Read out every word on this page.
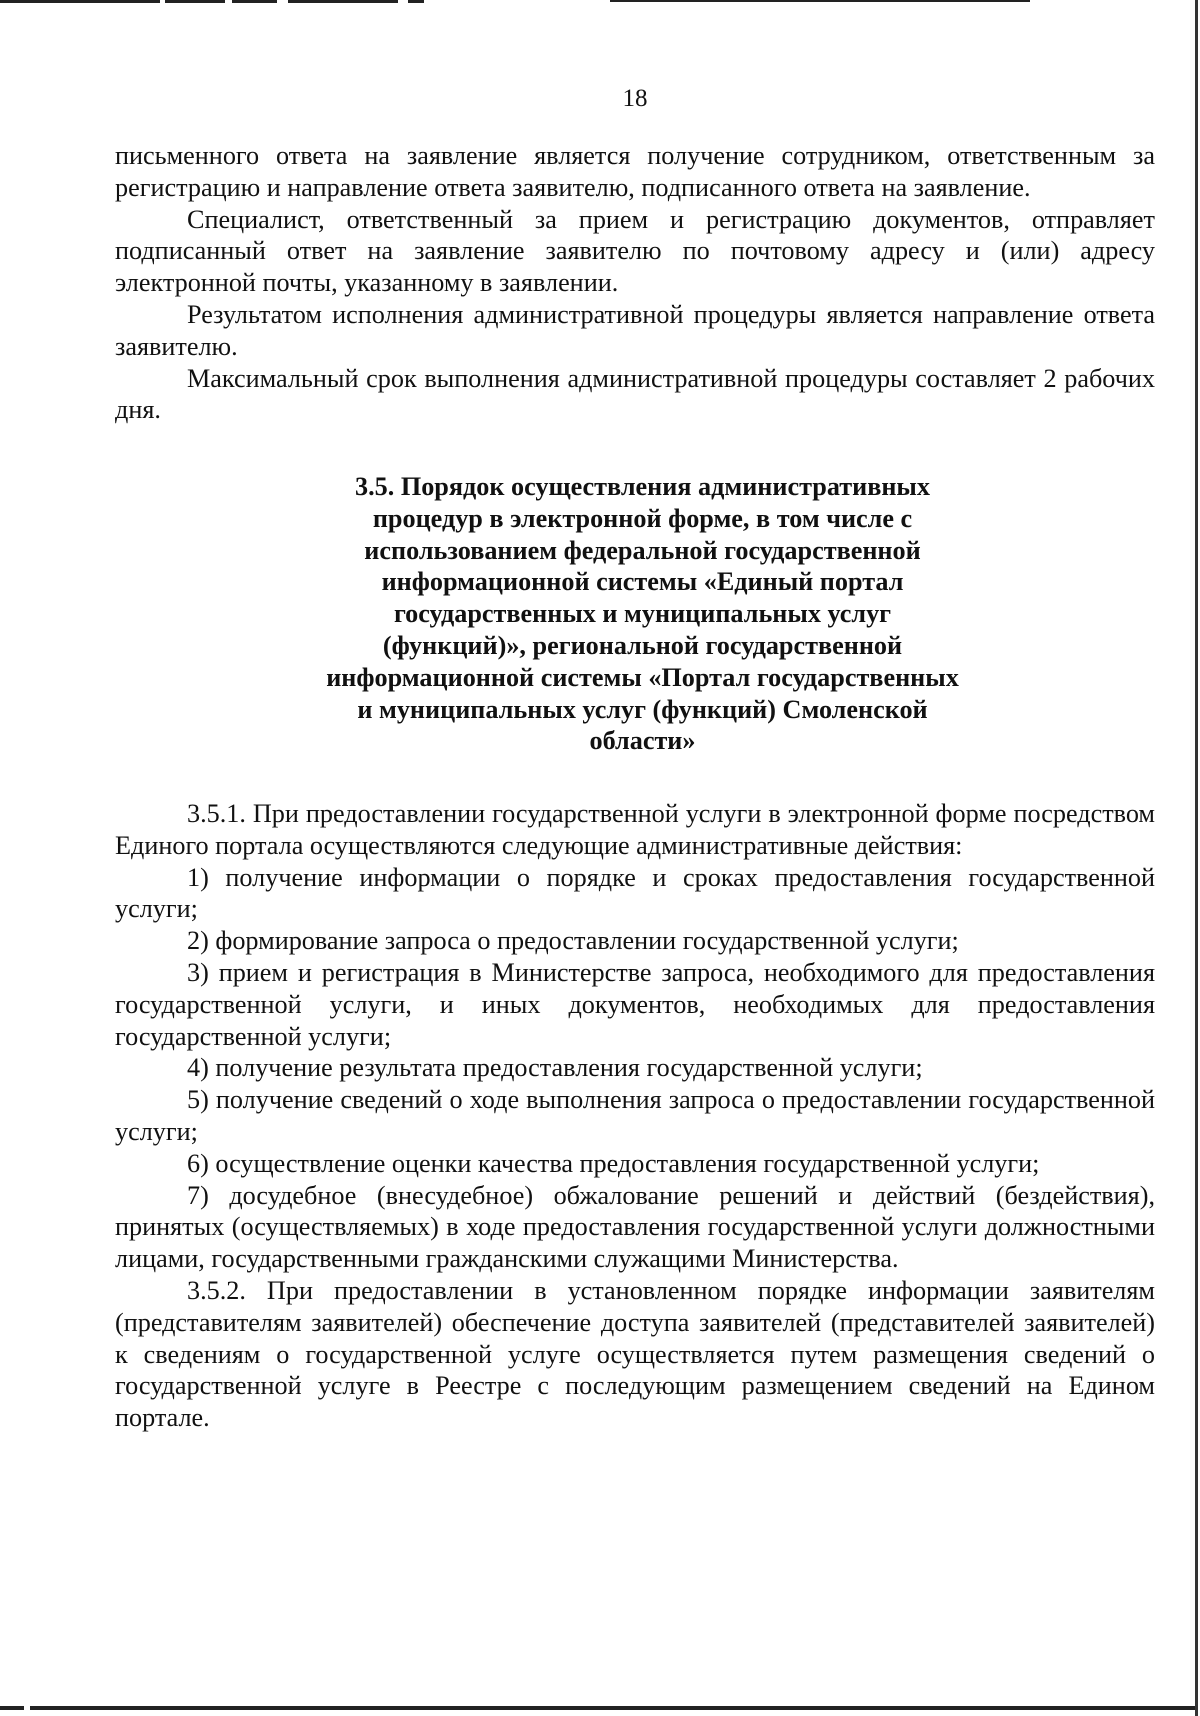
18

письменного ответа на заявление является получение сотрудником, ответственным за регистрацию и направление ответа заявителю, подписанного ответа на заявление.

Специалист, ответственный за прием и регистрацию документов, отправляет подписанный ответ на заявление заявителю по почтовому адресу и (или) адресу электронной почты, указанному в заявлении.

Результатом исполнения административной процедуры является направление ответа заявителю.

Максимальный срок выполнения административной процедуры составляет 2 рабочих дня.

3.5. Порядок осуществления административных
процедур в электронной форме, в том числе с
использованием федеральной государственной
информационной системы «Единый портал
государственных и муниципальных услуг
(функций)», региональной государственной
информационной системы «Портал государственных
и муниципальных услуг (функций) Смоленской
области»

3.5.1. При предоставлении государственной услуги в электронной форме посредством Единого портала осуществляются следующие административные действия:

1) получение информации о порядке и сроках предоставления государственной услуги;

2) формирование запроса о предоставлении государственной услуги;

3) прием и регистрация в Министерстве запроса, необходимого для предоставления государственной услуги, и иных документов, необходимых для предоставления государственной услуги;

4) получение результата предоставления государственной услуги;

5) получение сведений о ходе выполнения запроса о предоставлении государственной услуги;

6) осуществление оценки качества предоставления государственной услуги;

7) досудебное (внесудебное) обжалование решений и действий (бездействия), принятых (осуществляемых) в ходе предоставления государственной услуги должностными лицами, государственными гражданскими служащими Министерства.

3.5.2. При предоставлении в установленном порядке информации заявителям (представителям заявителей) обеспечение доступа заявителей (представителей заявителей) к сведениям о государственной услуге осуществляется путем размещения сведений о государственной услуге в Реестре с последующим размещением сведений на Едином портале.
